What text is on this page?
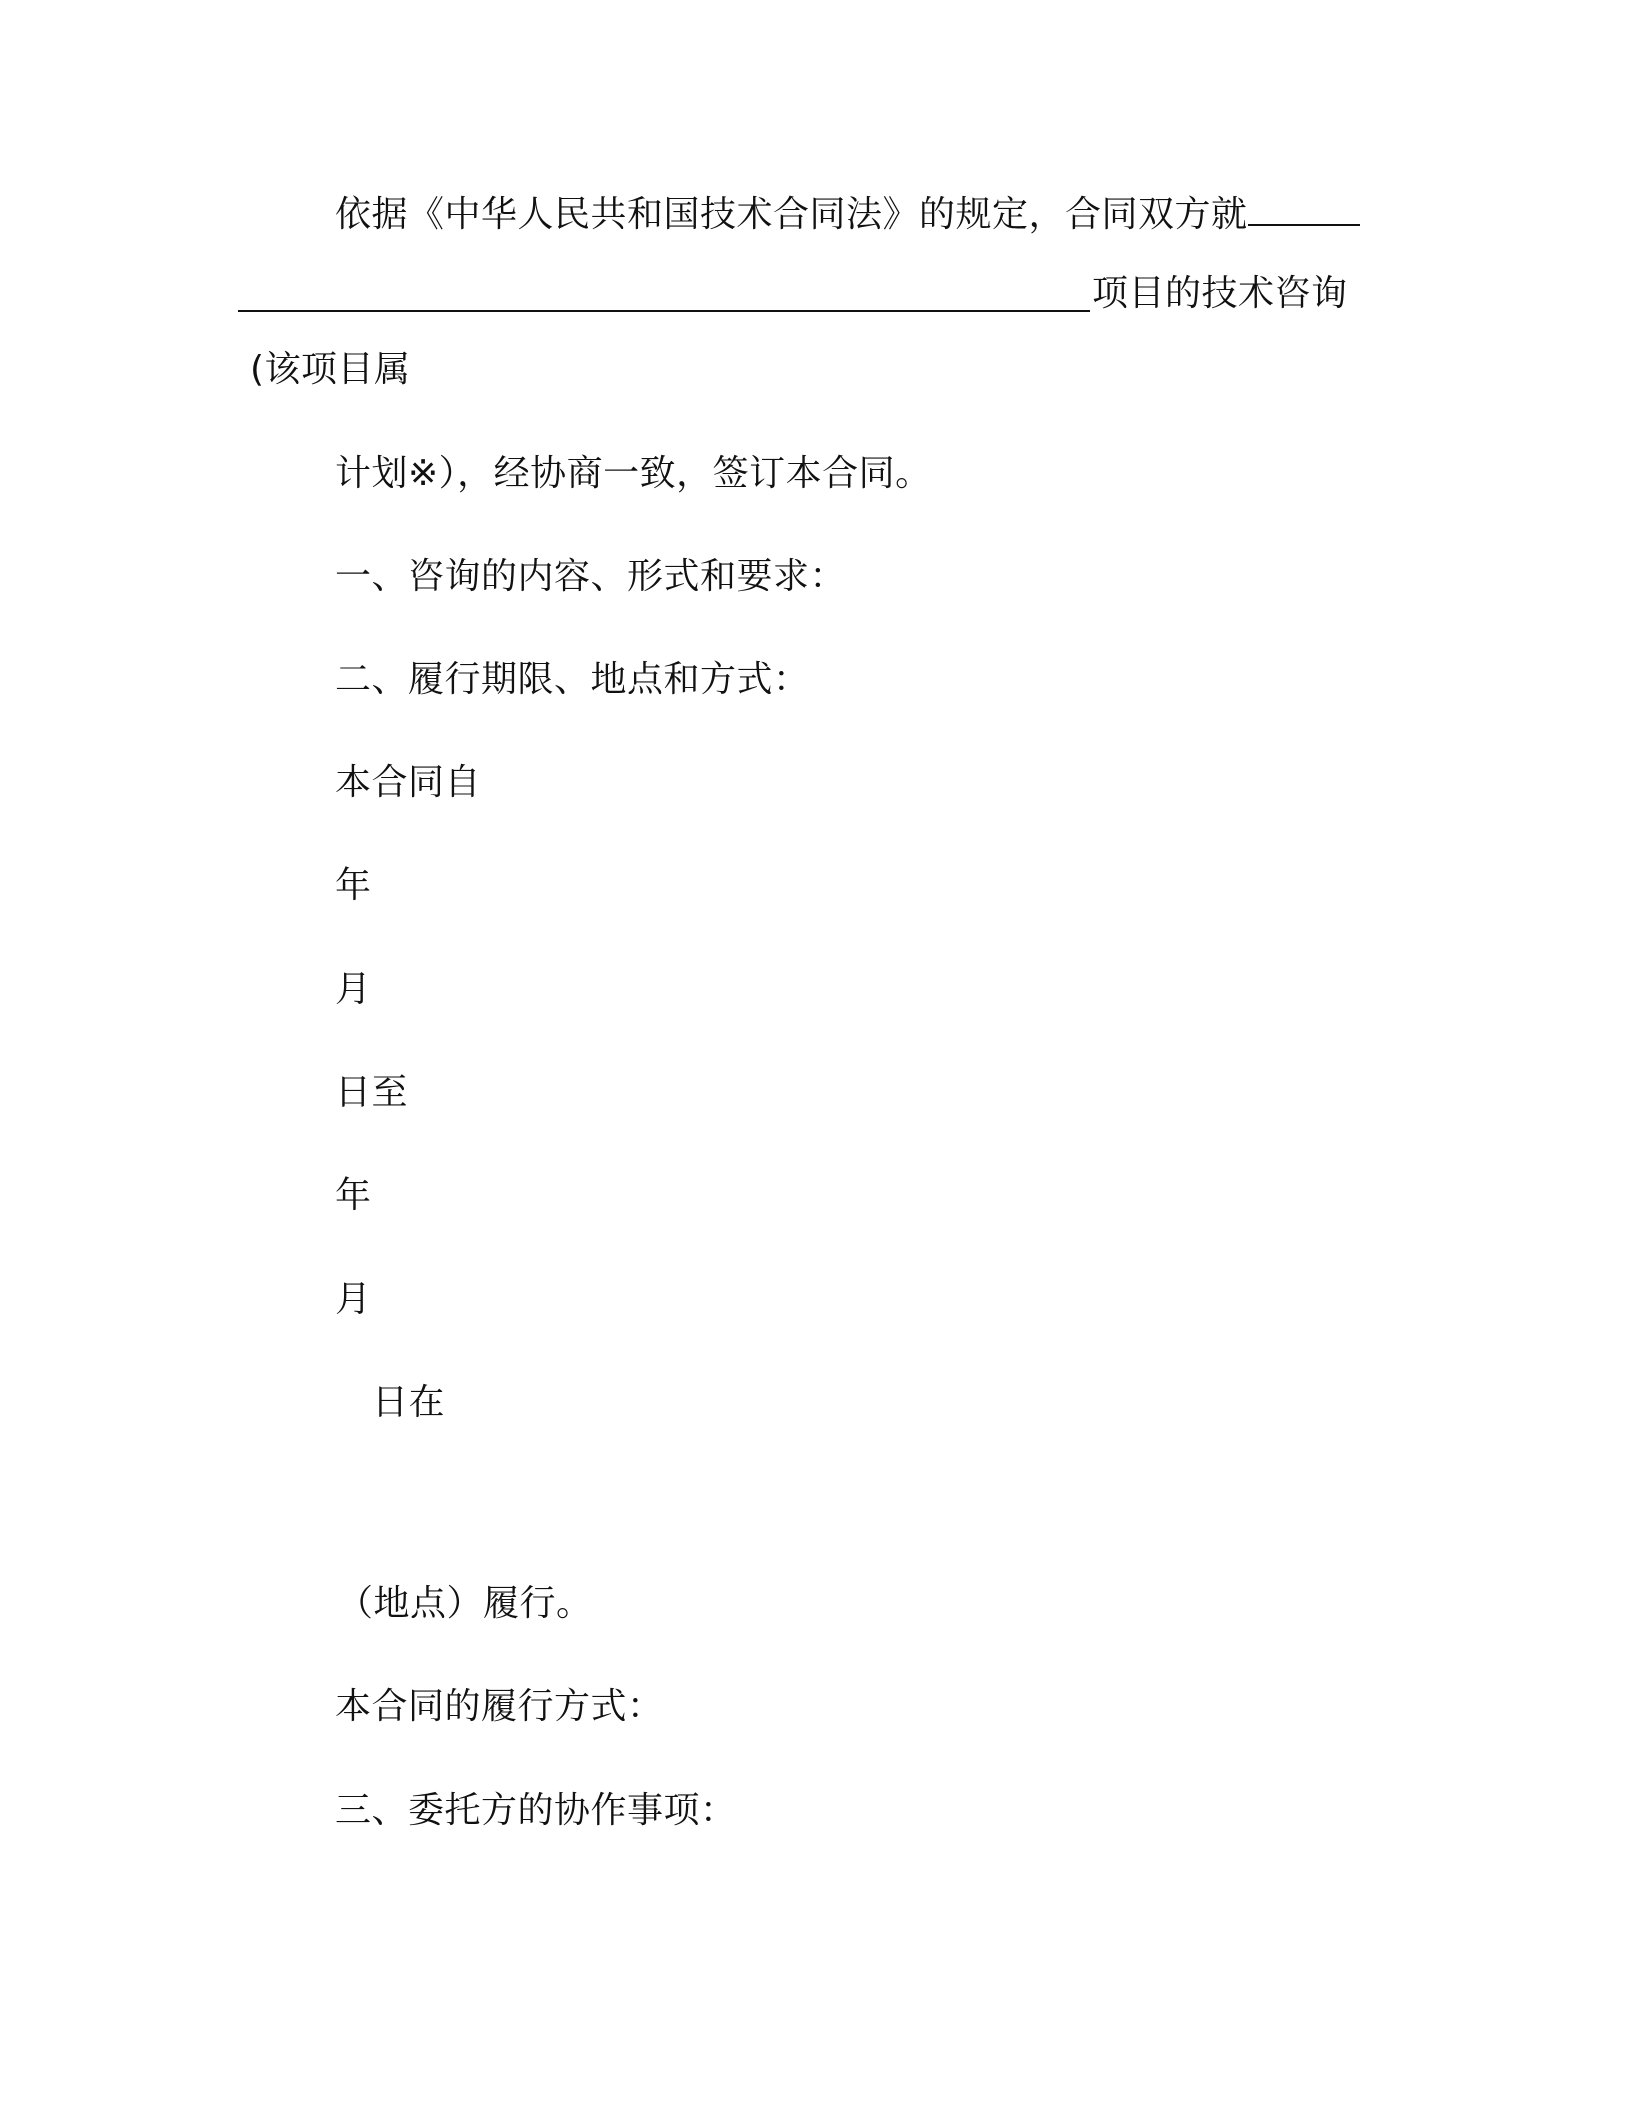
依据《中华人民共和国技术合同法》的规定，合同双方就
项目的技术咨询
(该项目属
计划※），经协商一致，签订本合同。
一、咨询的内容、形式和要求：
二、履行期限、地点和方式：
本合同自
年
月
日至
年
月
日在
（地点）履行。
本合同的履行方式：
三、委托方的协作事项：
